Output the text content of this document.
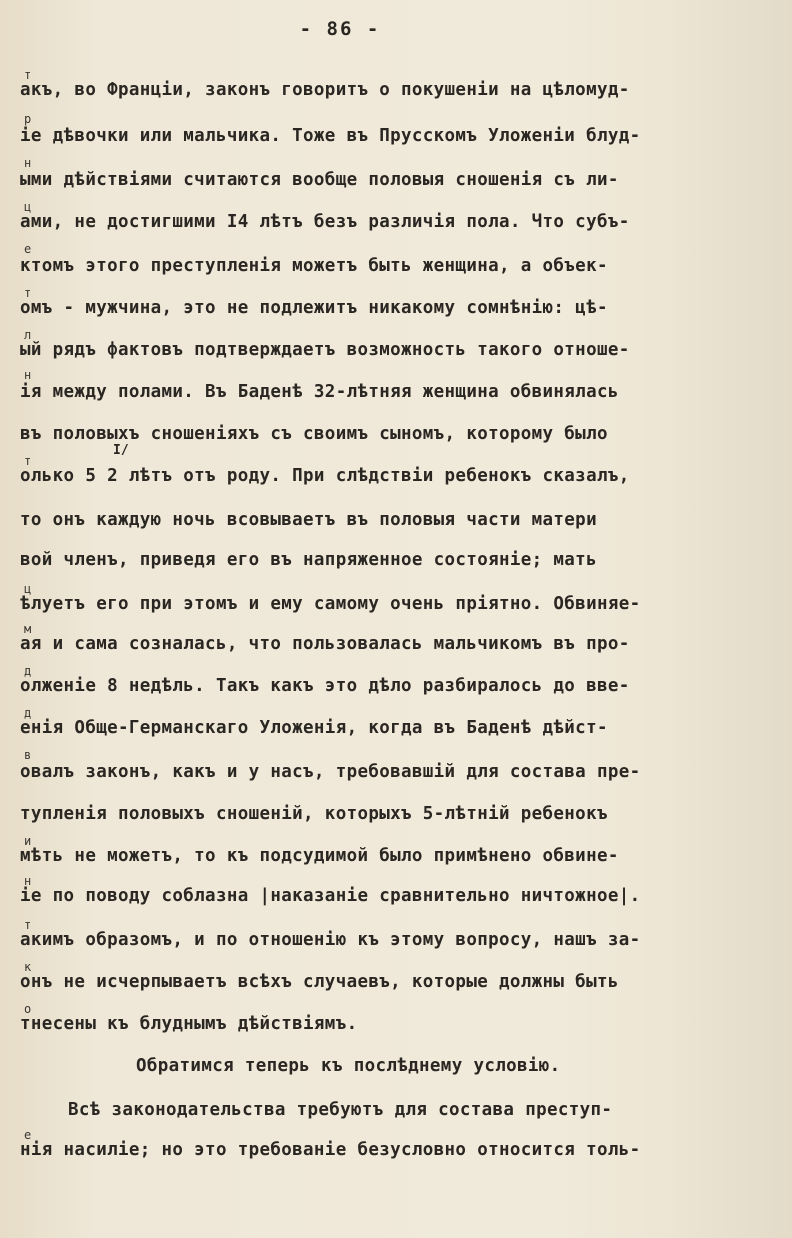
- 86 -
акъ, во Францiи, законъ говоритъ о покушенiи на цѣломуд-
iе дѣвочки или мальчика. Тоже въ Прусскомъ Уложенiи блуд-
ыми дѣйствiями считаются вообще половыя сношенiя съ ли-
ами, не достигшими I4 лѣтъ безъ различiя пола. Что субъ-
ктомъ этого преступленiя можетъ быть женщина, а объек-
омъ - мужчина, это не подлежитъ никакому сомнѣнiю: цѣ-
ый рядъ фактовъ подтверждаетъ возможность такого отноше-
iя между полами. Въ Баденѣ 32-лѣтняя женщина обвинялась
въ половыхъ сношенiяхъ съ своимъ сыномъ, которому было
олько 5 2 лѣтъ отъ роду. При слѣдствiи ребенокъ сказалъ,
то онъ каждую ночь всовываетъ въ половыя части матери
вой членъ, приведя его въ напряженное состоянiе; мать
ѣлуетъ его при этомъ и ему самому очень прiятно. Обвиняе-
ая и сама созналась, что пользовалась мальчикомъ въ про-
олженiе 8 недѣль. Такъ какъ это дѣло разбиралось до вве-
енiя Обще-Германскаго Уложенiя, когда въ Баденѣ дѣйст-
овалъ законъ, какъ и у насъ, требовавшiй для состава пре-
тупленiя половыхъ сношенiй, которыхъ 5-лѣтнiй ребенокъ
мѣть не можетъ, то къ подсудимой было примѣнено обвине-
iе по поводу соблазна |наказанiе сравнительно ничтожное|.
акимъ образомъ, и по отношенiю къ этому вопросу, нашъ за-
онъ не исчерпываетъ всѣхъ случаевъ, которые должны быть
тнесены къ блуднымъ дѣйствiямъ.
Обратимся теперь къ послѣднему условiю.
Всѣ законодательства требуютъ для состава преступ-
нiя насилiе; но это требованiе безусловно относится толь-
I/
т
р
н
ц
е
т
л
н
т
ц
м
д
д
в
и
н
т
к
о
е
